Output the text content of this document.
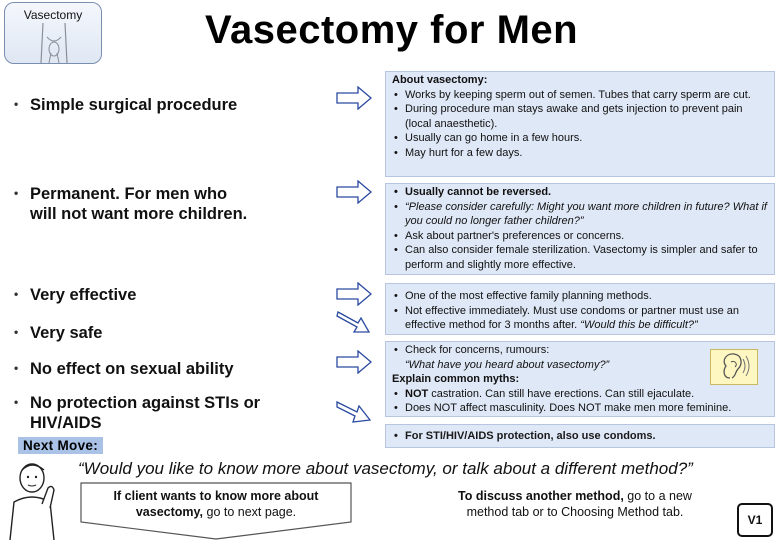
Vasectomy	Vasectomy for Men
• Simple surgical procedure
• Permanent. For men who
will not want more children.
• Very effective
• Very safe
• No effect on sexual ability
• No protection against STIs or
HIV/AIDS
About vasectomy:
• Works by keeping sperm out of semen. Tubes that carry sperm are cut.
• During procedure man stays awake and gets injection to prevent pain (local anaesthetic).
• Usually can go home in a few hours.
• May hurt for a few days.
• Usually cannot be reversed.
• “Please consider carefully: Might you want more children in future? What if you could no longer father children?”
• Ask about partner's preferences or concerns.
• Can also consider female sterilization. Vasectomy is simpler and safer to perform and slightly more effective.
• One of the most effective family planning methods.
• Not effective immediately. Must use condoms or partner must use an effective method for 3 months after. “Would this be difficult?”
• Check for concerns, rumours:
“What have you heard about vasectomy?”
Explain common myths:
• NOT castration. Can still have erections. Can still ejaculate.
• Does NOT affect masculinity. Does NOT make men more feminine.
• For STI/HIV/AIDS protection, also use condoms.
Next Move:
“Would you like to know more about vasectomy, or talk about a different method?”
If client wants to know more about
vasectomy, go to next page.
To discuss another method, go to a new
method tab or to Choosing Method tab.
V1
